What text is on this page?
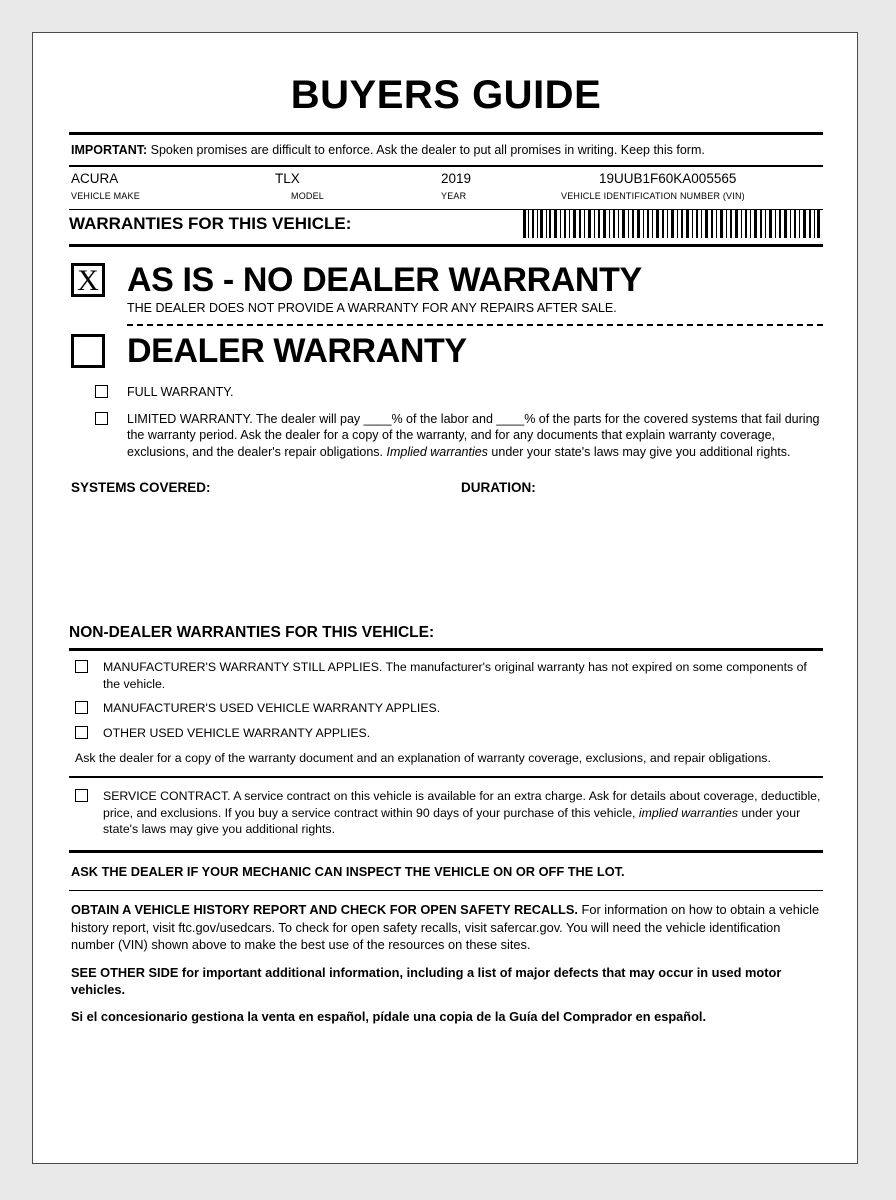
BUYERS GUIDE
IMPORTANT: Spoken promises are difficult to enforce. Ask the dealer to put all promises in writing. Keep this form.
ACURA
VEHICLE MAKE
TLX
MODEL
2019
YEAR
19UUB1F60KA005565
VEHICLE IDENTIFICATION NUMBER (VIN)
WARRANTIES FOR THIS VEHICLE:
X AS IS - NO DEALER WARRANTY
THE DEALER DOES NOT PROVIDE A WARRANTY FOR ANY REPAIRS AFTER SALE.
DEALER WARRANTY
FULL WARRANTY.
LIMITED WARRANTY. The dealer will pay ____% of the labor and ____% of the parts for the covered systems that fail during the warranty period. Ask the dealer for a copy of the warranty, and for any documents that explain warranty coverage, exclusions, and the dealer's repair obligations. Implied warranties under your state's laws may give you additional rights.
SYSTEMS COVERED:	DURATION:
NON-DEALER WARRANTIES FOR THIS VEHICLE:
MANUFACTURER'S WARRANTY STILL APPLIES. The manufacturer's original warranty has not expired on some components of the vehicle.
MANUFACTURER'S USED VEHICLE WARRANTY APPLIES.
OTHER USED VEHICLE WARRANTY APPLIES.
Ask the dealer for a copy of the warranty document and an explanation of warranty coverage, exclusions, and repair obligations.
SERVICE CONTRACT. A service contract on this vehicle is available for an extra charge. Ask for details about coverage, deductible, price, and exclusions. If you buy a service contract within 90 days of your purchase of this vehicle, implied warranties under your state's laws may give you additional rights.
ASK THE DEALER IF YOUR MECHANIC CAN INSPECT THE VEHICLE ON OR OFF THE LOT.
OBTAIN A VEHICLE HISTORY REPORT AND CHECK FOR OPEN SAFETY RECALLS. For information on how to obtain a vehicle history report, visit ftc.gov/usedcars. To check for open safety recalls, visit safercar.gov. You will need the vehicle identification number (VIN) shown above to make the best use of the resources on these sites.
SEE OTHER SIDE for important additional information, including a list of major defects that may occur in used motor vehicles.
Si el concesionario gestiona la venta en español, pídale una copia de la Guía del Comprador en español.
